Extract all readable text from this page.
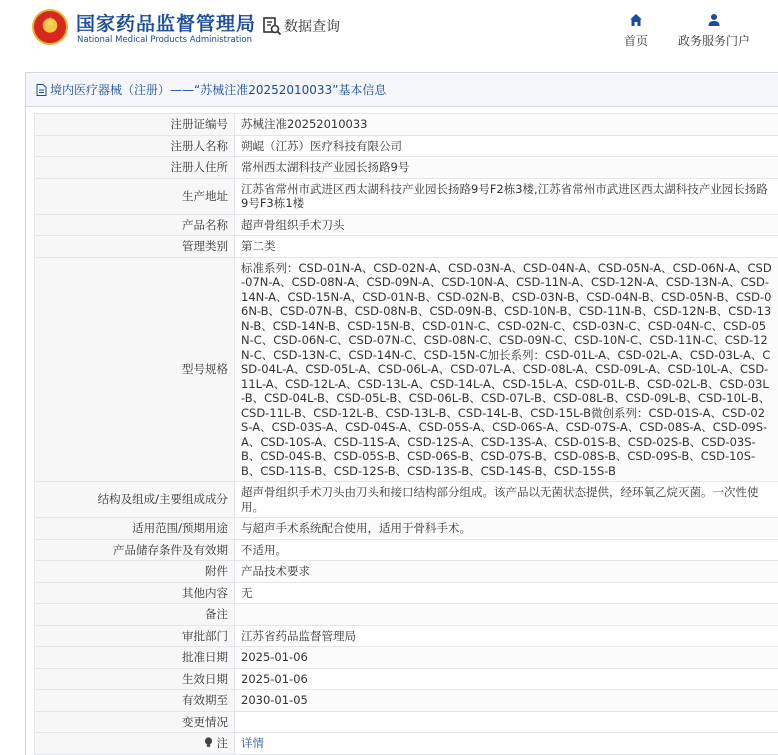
★
国家药品监督管理局
National Medical Products Administration
数据查询
首页 政务服务门户
境内医疗器械（注册）——“苏械注准20252010033”基本信息
注册证编号	苏械注准20252010033
注册人名称	朔崐（江苏）医疗科技有限公司
注册人住所	常州西太湖科技产业园长扬路9号
生产地址	江苏省常州市武进区西太湖科技产业园长扬路9号F2栋3楼,江苏省常州市武进区西太湖科技产业园长扬路9号F3栋1楼
产品名称	超声骨组织手术刀头
管理类别	第二类
型号规格	标准系列：CSD-01N-A、CSD-02N-A、CSD-03N-A、CSD-04N-A、CSD-05N-A、CSD-06N-A、CSD-07N-A、CSD-08N-A、CSD-09N-A、CSD-10N-A、CSD-11N-A、CSD-12N-A、CSD-13N-A、CSD-14N-A、CSD-15N-A、CSD-01N-B、CSD-02N-B、CSD-03N-B、CSD-04N-B、CSD-05N-B、CSD-06N-B、CSD-07N-B、CSD-08N-B、CSD-09N-B、CSD-10N-B、CSD-11N-B、CSD-12N-B、CSD-13N-B、CSD-14N-B、CSD-15N-B、CSD-01N-C、CSD-02N-C、CSD-03N-C、CSD-04N-C、CSD-05N-C、CSD-06N-C、CSD-07N-C、CSD-08N-C、CSD-09N-C、CSD-10N-C、CSD-11N-C、CSD-12N-C、CSD-13N-C、CSD-14N-C、CSD-15N-C加长系列：CSD-01L-A、CSD-02L-A、CSD-03L-A、CSD-04L-A、CSD-05L-A、CSD-06L-A、CSD-07L-A、CSD-08L-A、CSD-09L-A、CSD-10L-A、CSD-11L-A、CSD-12L-A、CSD-13L-A、CSD-14L-A、CSD-15L-A、CSD-01L-B、CSD-02L-B、CSD-03L-B、CSD-04L-B、CSD-05L-B、CSD-06L-B、CSD-07L-B、CSD-08L-B、CSD-09L-B、CSD-10L-B、CSD-11L-B、CSD-12L-B、CSD-13L-B、CSD-14L-B、CSD-15L-B微创系列：CSD-01S-A、CSD-02S-A、CSD-03S-A、CSD-04S-A、CSD-05S-A、CSD-06S-A、CSD-07S-A、CSD-08S-A、CSD-09S-A、CSD-10S-A、CSD-11S-A、CSD-12S-A、CSD-13S-A、CSD-01S-B、CSD-02S-B、CSD-03S-B、CSD-04S-B、CSD-05S-B、CSD-06S-B、CSD-07S-B、CSD-08S-B、CSD-09S-B、CSD-10S-B、CSD-11S-B、CSD-12S-B、CSD-13S-B、CSD-14S-B、CSD-15S-B
结构及组成/主要组成成分	超声骨组织手术刀头由刀头和接口结构部分组成。该产品以无菌状态提供，经环氧乙烷灭菌。一次性使用。
适用范围/预期用途	与超声手术系统配合使用，适用于骨科手术。
产品储存条件及有效期	不适用。
附件	产品技术要求
其他内容	无
备注	
审批部门	江苏省药品监督管理局
批准日期	2025-01-06
生效日期	2025-01-06
有效期至	2030-01-05
变更情况	
注	详情
